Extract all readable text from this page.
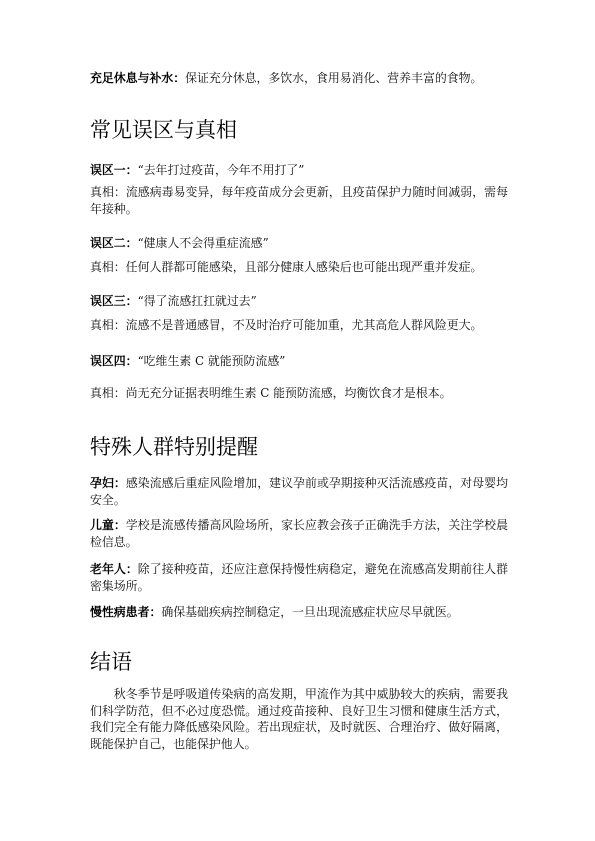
充足休息与补水：保证充分休息，多饮水，食用易消化、营养丰富的食物。

常见误区与真相

误区一：“去年打过疫苗，今年不用打了”

真相：流感病毒易变异，每年疫苗成分会更新，且疫苗保护力随时间减弱，需每年接种。

误区二：“健康人不会得重症流感”

真相：任何人群都可能感染，且部分健康人感染后也可能出现严重并发症。

误区三：“得了流感扛扛就过去”

真相：流感不是普通感冒，不及时治疗可能加重，尤其高危人群风险更大。

误区四：“吃维生素 C 就能预防流感”

真相：尚无充分证据表明维生素 C 能预防流感，均衡饮食才是根本。

特殊人群特别提醒

孕妇：感染流感后重症风险增加，建议孕前或孕期接种灭活流感疫苗，对母婴均安全。

儿童：学校是流感传播高风险场所，家长应教会孩子正确洗手方法，关注学校晨检信息。

老年人：除了接种疫苗，还应注意保持慢性病稳定，避免在流感高发期前往人群密集场所。

慢性病患者：确保基础疾病控制稳定，一旦出现流感症状应尽早就医。

结语

秋冬季节是呼吸道传染病的高发期，甲流作为其中威胁较大的疾病，需要我们科学防范，但不必过度恐慌。通过疫苗接种、良好卫生习惯和健康生活方式，我们完全有能力降低感染风险。若出现症状，及时就医、合理治疗、做好隔离，既能保护自己，也能保护他人。
